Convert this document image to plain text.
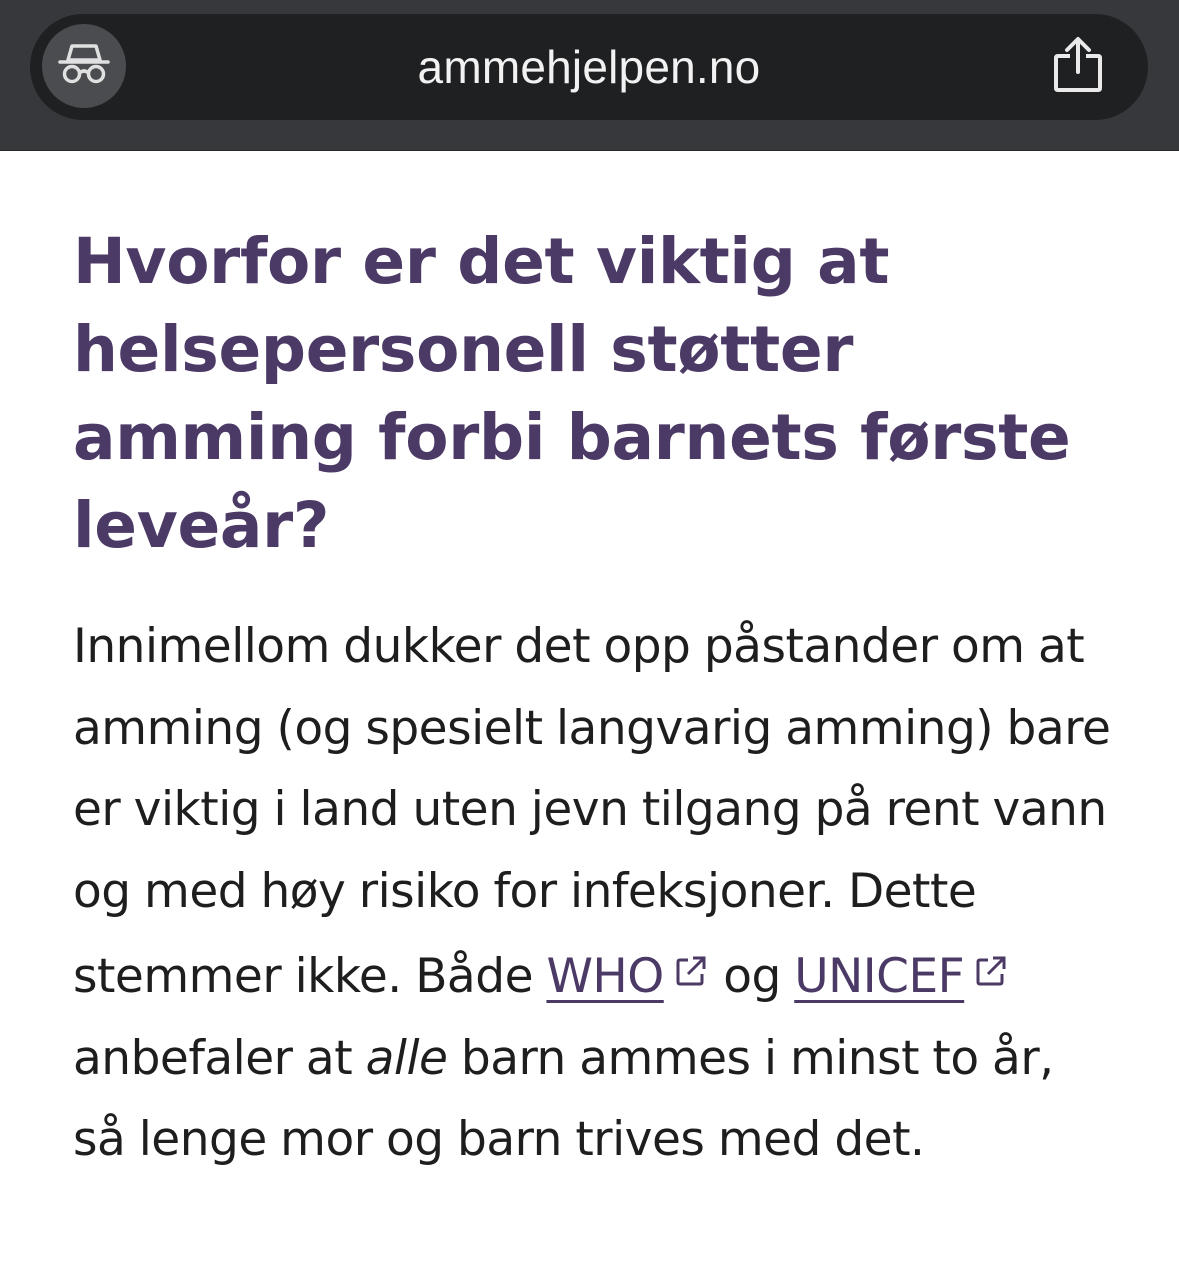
ammehjelpen.no
Hvorfor er det viktig at helsepersonell støtter amming forbi barnets første leveår?

Innimellom dukker det opp påstander om at amming (og spesielt langvarig amming) bare er viktig i land uten jevn tilgang på rent vann og med høy risiko for infeksjoner. Dette stemmer ikke. Både WHO og UNICEF anbefaler at alle barn ammes i minst to år, så lenge mor og barn trives med det.
